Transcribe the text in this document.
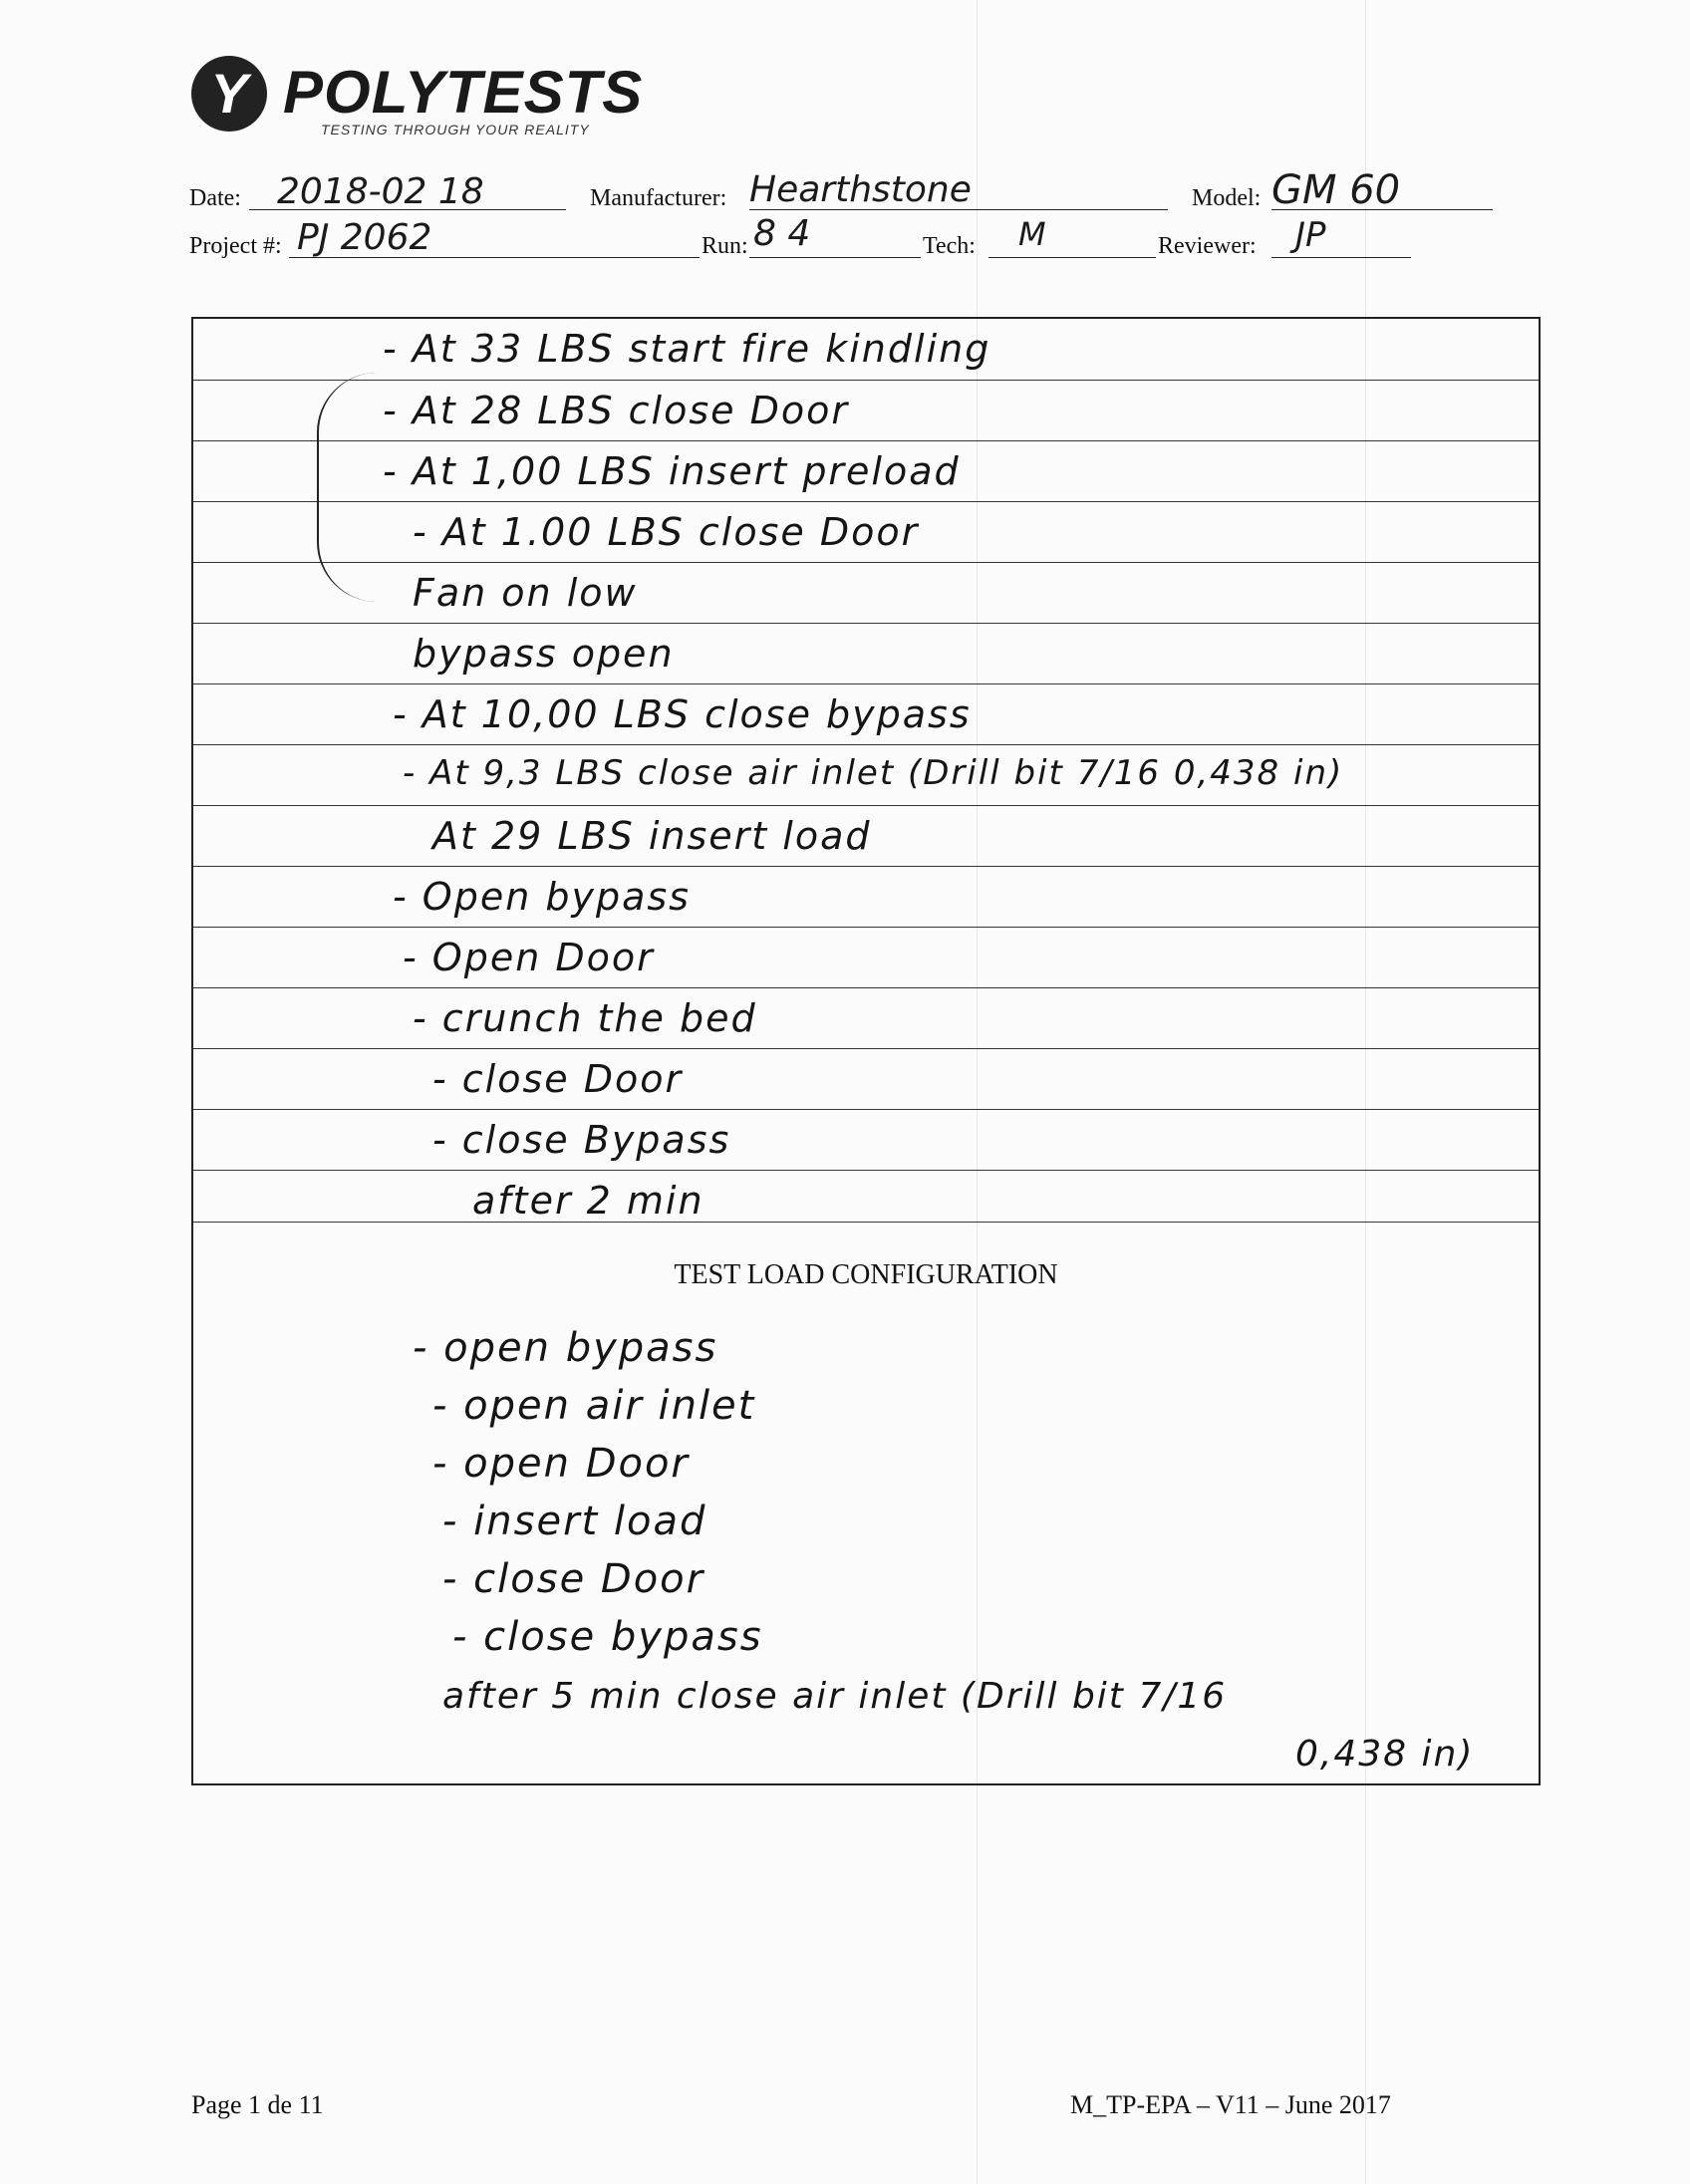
Y POLYTESTS
TESTING THROUGH YOUR REALITY
Date: 2018-02 18	Manufacturer: Hearthstone	Model: GM 60
Project #: PJ 2062	Run: 8 4	Tech: M	Reviewer: JP
- At 33 LBS start fire kindling
- At 28 LBS close Door
- At 1,00 LBS insert preload
- At 1.00 LBS close Door
Fan on low
bypass open
- At 10,00 LBS close bypass
- At 9,3 LBS close air inlet (Drill bit 7/16 0,438 in)
At 29 LBS insert load
- Open bypass
- Open Door
- crunch the bed
- close Door
- close Bypass
after 2 min
TEST LOAD CONFIGURATION
- open bypass
- open air inlet
- open Door
- insert load
- close Door
- close bypass
after 5 min close air inlet (Drill bit 7/16
0,438 in)
Page 1 de 11	M_TP-EPA – V11 – June 2017
